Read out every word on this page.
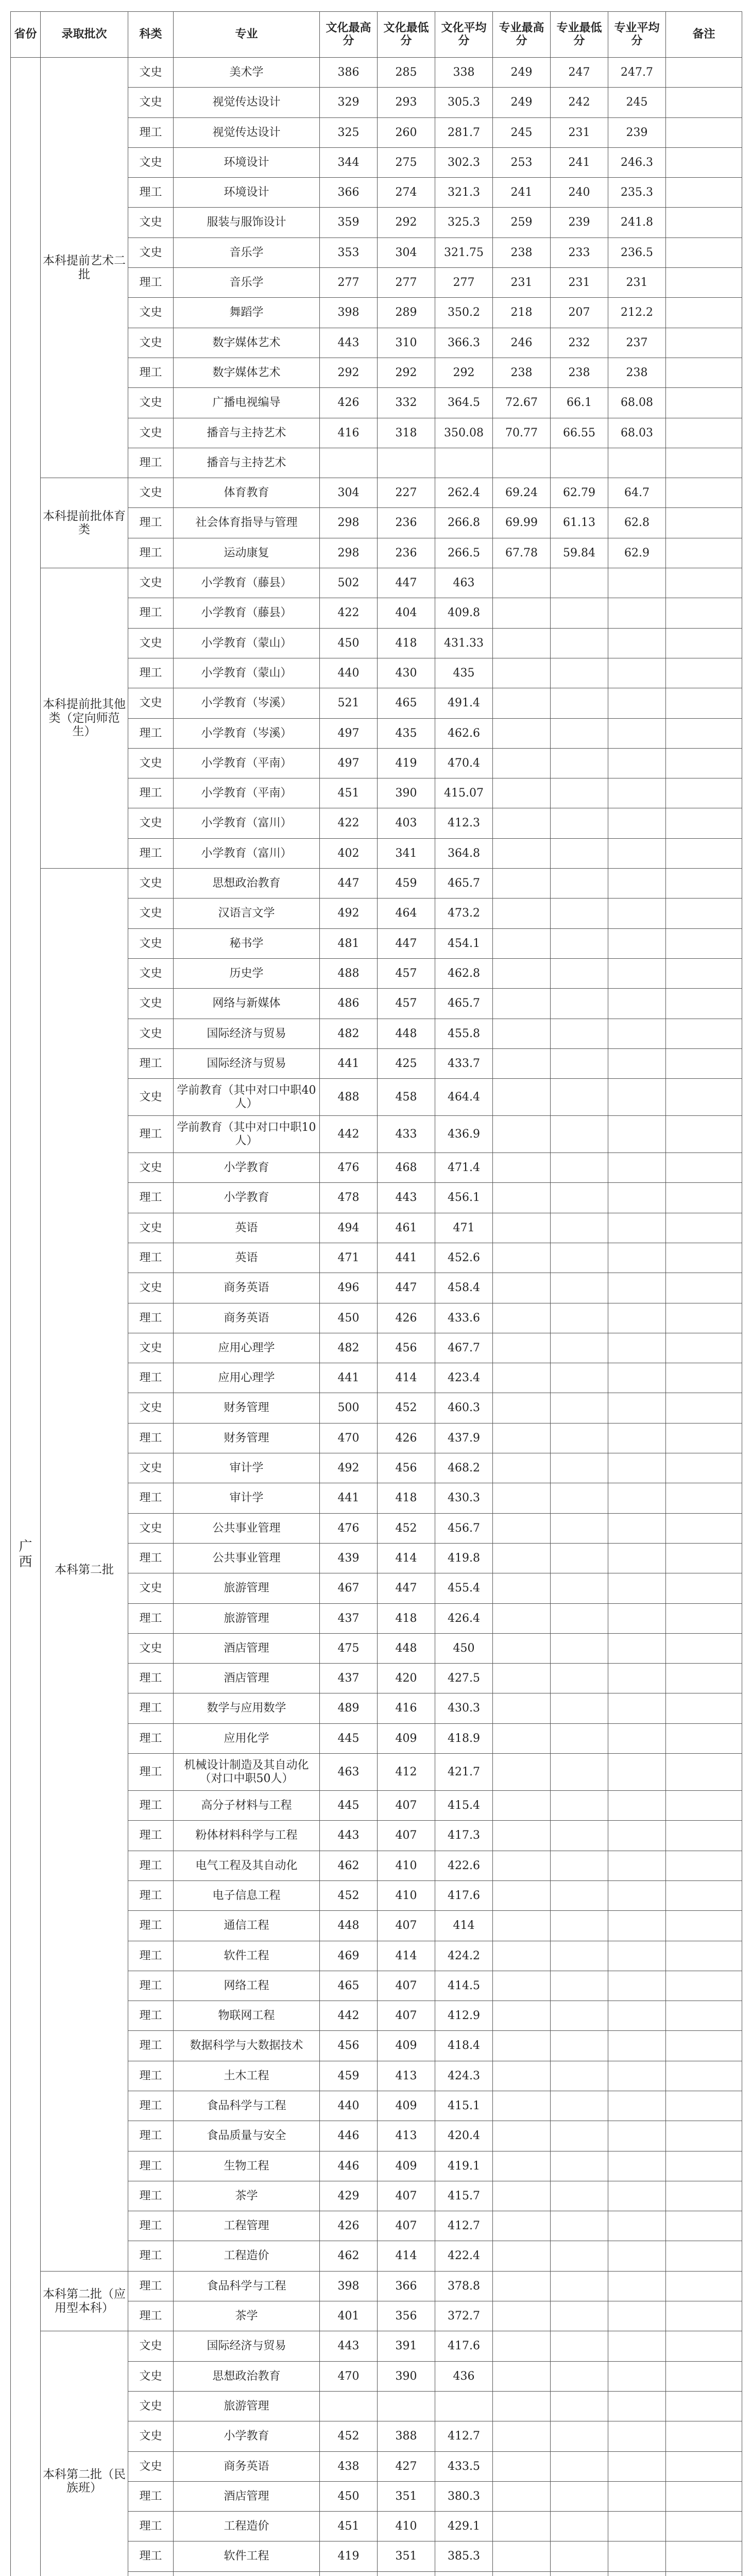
省份	录取批次	科类	专业	文化最高分	文化最低分	文化平均分	专业最高分	专业最低分	专业平均分	备注
广西	本科提前艺术二批	文史	美术学	386	285	338	249	247	247.7	
		文史	视觉传达设计	329	293	305.3	249	242	245	
		理工	视觉传达设计	325	260	281.7	245	231	239	
		文史	环境设计	344	275	302.3	253	241	246.3	
		理工	环境设计	366	274	321.3	241	240	235.3	
		文史	服装与服饰设计	359	292	325.3	259	239	241.8	
		文史	音乐学	353	304	321.75	238	233	236.5	
		理工	音乐学	277	277	277	231	231	231	
		文史	舞蹈学	398	289	350.2	218	207	212.2	
		文史	数字媒体艺术	443	310	366.3	246	232	237	
		理工	数字媒体艺术	292	292	292	238	238	238	
		文史	广播电视编导	426	332	364.5	72.67	66.1	68.08	
		文史	播音与主持艺术	416	318	350.08	70.77	66.55	68.03	
		理工	播音与主持艺术							
	本科提前批体育类	文史	体育教育	304	227	262.4	69.24	62.79	64.7	
		理工	社会体育指导与管理	298	236	266.8	69.99	61.13	62.8	
		理工	运动康复	298	236	266.5	67.78	59.84	62.9	
	本科提前批其他类（定向师范生）	文史	小学教育（藤县）	502	447	463				
		理工	小学教育（藤县）	422	404	409.8				
		文史	小学教育（蒙山）	450	418	431.33				
		理工	小学教育（蒙山）	440	430	435				
		文史	小学教育（岑溪）	521	465	491.4				
		理工	小学教育（岑溪）	497	435	462.6				
		文史	小学教育（平南）	497	419	470.4				
		理工	小学教育（平南）	451	390	415.07				
		文史	小学教育（富川）	422	403	412.3				
		理工	小学教育（富川）	402	341	364.8				
	本科第二批	文史	思想政治教育	447	459	465.7				
		文史	汉语言文学	492	464	473.2				
		文史	秘书学	481	447	454.1				
		文史	历史学	488	457	462.8				
		文史	网络与新媒体	486	457	465.7				
		文史	国际经济与贸易	482	448	455.8				
		理工	国际经济与贸易	441	425	433.7				
		文史	学前教育（其中对口中职40人）	488	458	464.4				
		理工	学前教育（其中对口中职10人）	442	433	436.9				
		文史	小学教育	476	468	471.4				
		理工	小学教育	478	443	456.1				
		文史	英语	494	461	471				
		理工	英语	471	441	452.6				
		文史	商务英语	496	447	458.4				
		理工	商务英语	450	426	433.6				
		文史	应用心理学	482	456	467.7				
		理工	应用心理学	441	414	423.4				
		文史	财务管理	500	452	460.3				
		理工	财务管理	470	426	437.9				
		文史	审计学	492	456	468.2				
		理工	审计学	441	418	430.3				
		文史	公共事业管理	476	452	456.7				
		理工	公共事业管理	439	414	419.8				
		文史	旅游管理	467	447	455.4				
		理工	旅游管理	437	418	426.4				
		文史	酒店管理	475	448	450				
		理工	酒店管理	437	420	427.5				
		理工	数学与应用数学	489	416	430.3				
		理工	应用化学	445	409	418.9				
		理工	机械设计制造及其自动化（对口中职50人）	463	412	421.7				
		理工	高分子材料与工程	445	407	415.4				
		理工	粉体材料科学与工程	443	407	417.3				
		理工	电气工程及其自动化	462	410	422.6				
		理工	电子信息工程	452	410	417.6				
		理工	通信工程	448	407	414				
		理工	软件工程	469	414	424.2				
		理工	网络工程	465	407	414.5				
		理工	物联网工程	442	407	412.9				
		理工	数据科学与大数据技术	456	409	418.4				
		理工	土木工程	459	413	424.3				
		理工	食品科学与工程	440	409	415.1				
		理工	食品质量与安全	446	413	420.4				
		理工	生物工程	446	409	419.1				
		理工	茶学	429	407	415.7				
		理工	工程管理	426	407	412.7				
		理工	工程造价	462	414	422.4				
	本科第二批（应用型本科）	理工	食品科学与工程	398	366	378.8				
		理工	茶学	401	356	372.7				
	本科第二批（民族班）	文史	国际经济与贸易	443	391	417.6				
		文史	思想政治教育	470	390	436				
		文史	旅游管理							
		文史	小学教育	452	388	412.7				
		文史	商务英语	438	427	433.5				
		理工	酒店管理	450	351	380.3				
		理工	工程造价	451	410	429.1				
		理工	软件工程	419	351	385.3				
